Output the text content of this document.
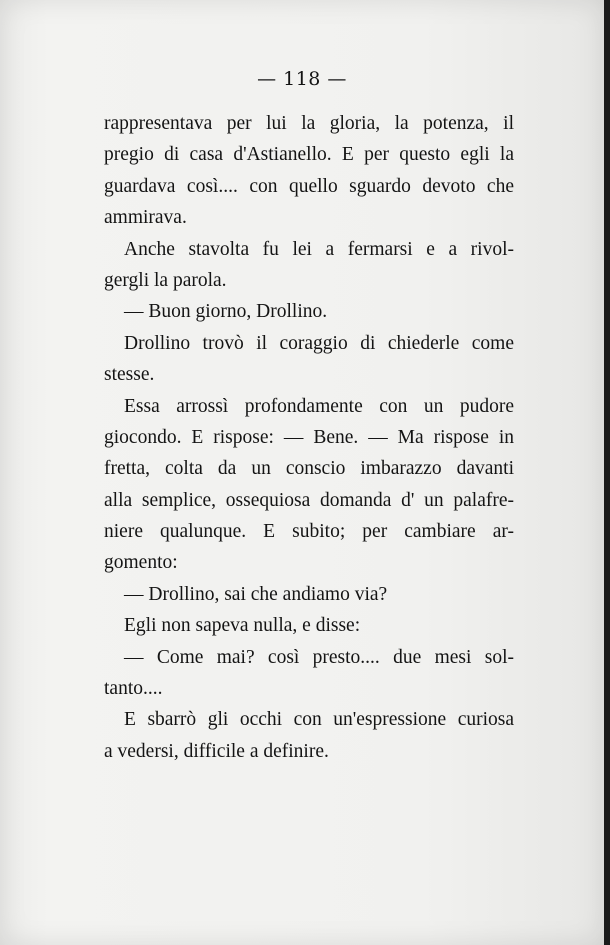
— 118 —
rappresentava per lui la gloria, la potenza, il
pregio di casa d'Astianello. E per questo egli la
guardava così.... con quello sguardo devoto che
ammirava.
Anche stavolta fu lei a fermarsi e a rivol-
gergli la parola.
— Buon giorno, Drollino.
Drollino trovò il coraggio di chiederle come
stesse.
Essa arrossì profondamente con un pudore
giocondo. E rispose: — Bene. — Ma rispose in
fretta, colta da un conscio imbarazzo davanti
alla semplice, ossequiosa domanda d' un palafre-
niere qualunque. E subito; per cambiare ar-
gomento:
— Drollino, sai che andiamo via?
Egli non sapeva nulla, e disse:
— Come mai? così presto.... due mesi sol-
tanto....
E sbarrò gli occhi con un'espressione curiosa
a vedersi, difficile a definire.
